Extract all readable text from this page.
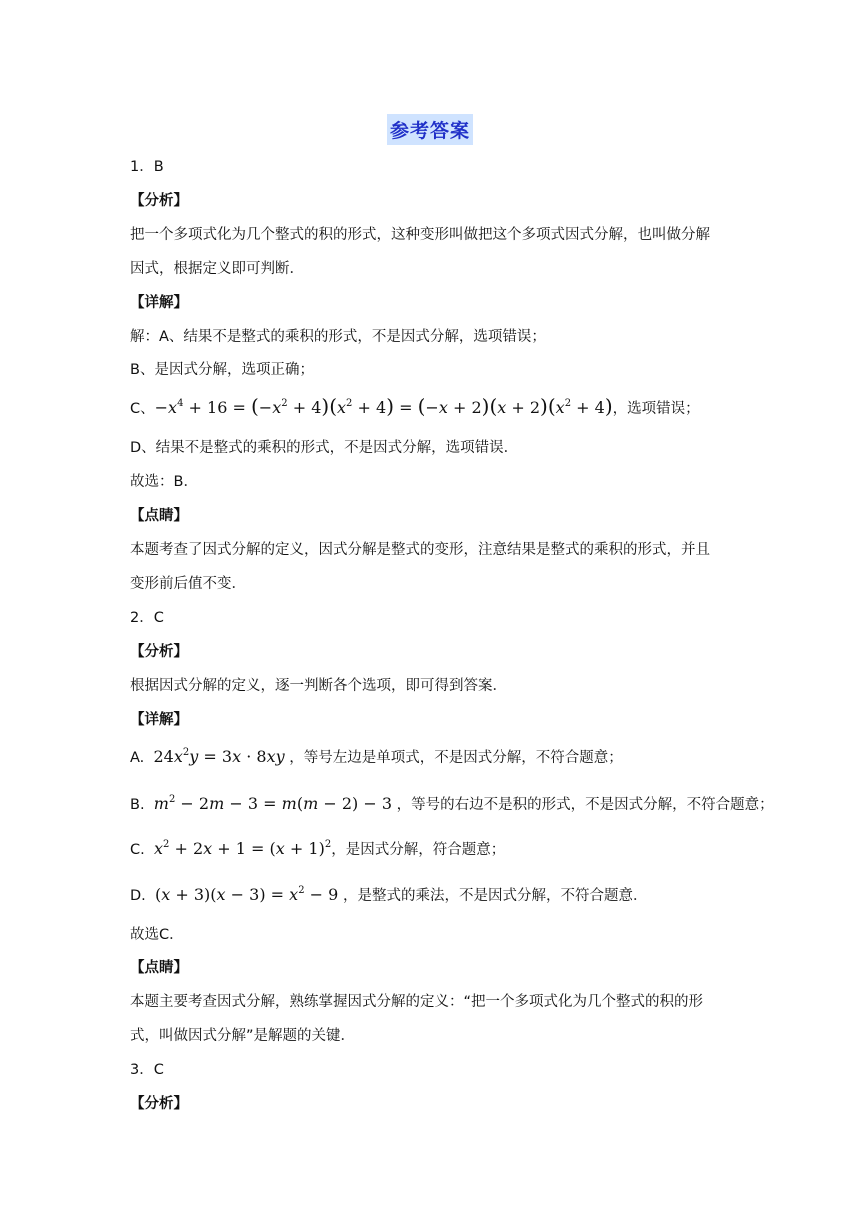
参考答案
1．B
【分析】
把一个多项式化为几个整式的积的形式，这种变形叫做把这个多项式因式分解，也叫做分解
因式，根据定义即可判断．
【详解】
解：A、结果不是整式的乘积的形式，不是因式分解，选项错误；
B、是因式分解，选项正确；
C、$-x^4 + 16 = (-x^2 + 4)(x^2 + 4) = (-x + 2)(x + 2)(x^2 + 4)$，选项错误；
D、结果不是整式的乘积的形式，不是因式分解，选项错误．
故选：B．
【点睛】
本题考查了因式分解的定义，因式分解是整式的变形，注意结果是整式的乘积的形式，并且
变形前后值不变．
2．C
【分析】
根据因式分解的定义，逐一判断各个选项，即可得到答案．
【详解】
A. $24x^2y = 3x \cdot 8xy$ ，等号左边是单项式，不是因式分解，不符合题意；
B. $m^2 - 2m - 3 = m(m - 2) - 3$ ，等号的右边不是积的形式，不是因式分解，不符合题意；
C. $x^2 + 2x + 1 = (x + 1)^2$，是因式分解，符合题意；
D. $(x + 3)(x - 3) = x^2 - 9$ ，是整式的乘法，不是因式分解，不符合题意．
故选C．
【点睛】
本题主要考查因式分解，熟练掌握因式分解的定义：“把一个多项式化为几个整式的积的形
式，叫做因式分解”是解题的关键．
3．C
【分析】
